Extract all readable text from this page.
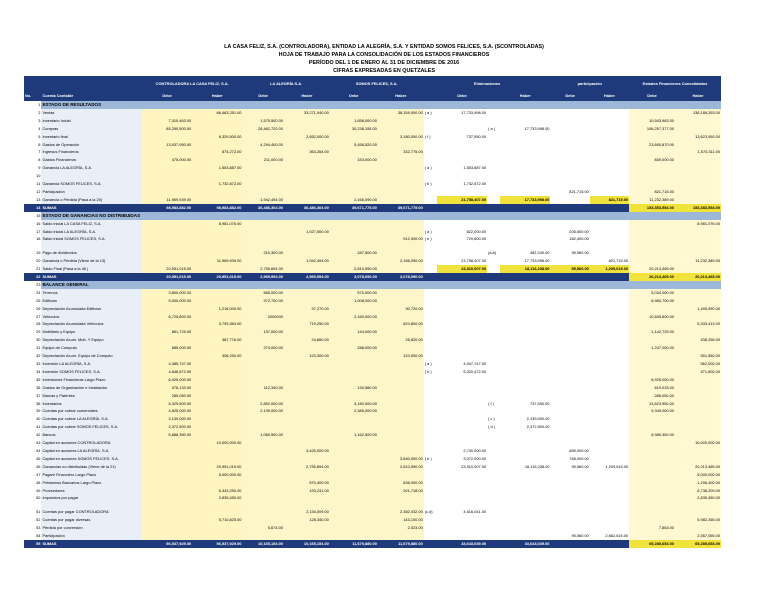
LA CASA FELIZ, S.A. (CONTROLADORA), ENTIDAD LA ALEGRÍA, S.A. Y ENTIDAD SOMOS FELICES, S.A. (SCONTROLADAS)
HOJA DE TRABAJO PARA LA CONSOLIDACIÓN DE LOS ESTADOS FINANCIEROS
PERÍODO DEL 1 DE ENERO AL 31 DE DICIEMBRE DE 2016
CIFRAS EXPRESADAS EN QUETZALES
		CONTROLADORA LA CASA FELIZ, S.A.		LA ALEGRÍA S.A.		SOMOS FELICES, S.A.		Eliminaciones				participación		Estados Financieros Consolidados	
No.	Cuenta Contable	Debe	Haber	Debe	Haber	Debe	Haber		Debe		Haber	Debe	Haber	Debe	Haber
1	ESTADO DE RESULTADOS														
2	Ventas		86,463,251.00		33,271,040.00		36,159,000.00	( a )	17,733,998.00						138,189,293.00
3	Inventario Inicial	7,310,463.00		1,575,500.00		1,658,000.00								10,543,963.00	
4	Compras	85,290,500.00		28,462,720.00		30,238,155.00				( a )	17,733,998.00			106,257,377.00	
5	Inventario final		8,329,500.00		2,652,000.00		3,180,000.00	( f )	737,550.00						13,623,950.00
6	Gastos de Operación	13,937,950.00		4,294,400.00		5,458,520.00								23,690,870.00	
7	Ingresos Financieros		874,272.00		363,264.00		332,775.00								1,570,311.00
8	Gastos Financieros	475,000.00		211,000.00		153,000.00								839,000.00	
9	Ganancia LA ALEGRÍA, S.A.		1,553,887.00					( a )	1,553,887.00						
10															
11	Ganancia SOMOS FELICES, S.A.		1,732,872.00					( b )	1,732,872.00						
12	Participación											821,715.00		821,715.00	
13	Ganancia o Pérdida (Pasa a la 20)	11,969,939.00		1,942,494.00		2,166,090.00			21,758,407.00		17,733,998.00		821,715.00	11,232,389.00	
14	SUMAS	98,983,882.00	98,983,882.00	36,486,304.00	36,486,304.00	39,671,775.00	39,671,775.00							153,353,554.00	153,383,554.00
15	ESTADO DE GANANCIAS NO DISTRIBUIDAS														
16	Saldo inicial LA CASA FELIZ, S.A.		8,981,076.00												8,981,076.00
17	Saldo inicial LA ALEGRÍA, S.A.				1,027,500.00			( a )	822,000.00			205,500.00			
18	Saldo inicial SOMOS FELICES, S.A.						912,000.00	( b )	729,600.00			182,400.00			

19	Pago de dividendos			210,300.00		287,500.00				(a,b)	382,240.00	95,560.00			
20	Ganancia o Pérdida (Viene de la 13)		11,969,939.00		1,942,494.00		2,166,090.00		21,758,407.00		17,733,998.00		821,715.00		11,232,389.00
21	Saldo Final (Pasa a la 46 )	20,951,015.00		2,759,694.00		2,810,590.00			23,310,007.00		18,116,238.00	95,560.00	1,209,615.00	20,213,465.00	
22	SUMAS	20,951,015.00	20,951,015.00	2,969,994.00	2,969,994.00	3,078,090.00	3,078,090.00							20,213,465.00	20,213,465.00
23	BALANCE GENERAL														
24	Terrenos	3,800,000.00		565,000.00		570,000.00								5,034,000.00	
25	Edificios	5,000,000.00		972,700.00		1,008,000.00								6,980,700.00	
26	Depreciación Acumulada Edificios		1,218,000.00		97,270.00		90,720.00								1,405,990.00
27	Vehículos	6,725,800.00		2000000		2,160,000.00								10,845,800.00	
28	Depreciación Acumulada Vehículos		3,793,363.00		719,250.00		820,800.00								5,333,413.00
29	Mobiliario y Equipo	861,725.00		137,000.00		144,000.00								1,142,725.00	
30	Depreciación Acum. Mob. Y Equipo		387,776.00		24,660.00		25,820.00								438,256.00
31	Equipo de Computo	685,000.00		274,000.00		288,000.00								1,247,000.00	
32	Depreciación Acum. Equipo de Computo		308,250.00		123,300.00		120,000.00								551,550.00
33	Inversión LA ALEGRÍA, S.A.	4,385,747.00						( a )	4,947,747.00						562,000.00
34	Inversión SOMOS FELICES, S.A.	4,848,872.00						( b )	5,320,472.00						471,600.00
35	Inversiones Financieras Largo Plazo	6,925,000.00												6,925,000.00	
36	Gastos de Organización e Instalación	376,133.00		112,340.00		130,560.00								619,033.00	
37	Marcas y Patentes	285,050.00												285,050.00	
38	Inventarios	8,329,500.00		2,852,000.00		3,180,000.00				( f )	737,550.00			13,623,950.00	
39	Cuentas por cobrar comerciales	4,825,000.00		2,139,000.00		2,385,000.00								9,349,000.00	
40	Cuentas por cobrar LA ALEGRÍA, S.A.	2,139,000.00								( c )	2,139,000.00				
41	Cuentas por cobrar SOMOS FELICES, S.A.	2,372,500.00								( d )	2,372,500.00				
42	Bancos	6,688,350.00		1,069,500.00		1,162,500.00								8,980,350.00	
43	Capital en acciones CONTROLADORA		10,000,000.00												10,000,000.00
44	Capital en acciones LA ALEGRÍA, S.A.				3,425,000.00				2,740,000.00			685,000.00			
45	Capital en acciones SOMOS FELICES, S.A.						3,840,000.00	( b )	3,072,000.00			768,000.00			
46	Ganancias no distribuidas (Viene de la 21)		20,951,015.00		2,759,694.00		2,810,590.00		23,310,007.00		18,116,238.00	95,560.00	1,209,615.00		20,213,465.00
47	Pagaré Financiero Largo Plazo		5,000,000.00												5,000,000.00
48	Préstamos Bancarios Largo Plazo				570,400.00		636,000.00								1,206,400.00
49	Proveedores		6,343,250.00		193,241.00		201,718.00								6,738,209.00
50	Impuestos por pagar		2,835,450.00												2,835,450.00

51	Cuentas por pagar CONTROLADORA				2,134,009.00		2,382,032.00	(c,d)	4,516,041.00						
52	Cuentas por pagar diversas		5,710,825.00		128,340.00		143,100.00								5,982,265.00
53	Pérdida por conversión			5,674.00			2,023.00							7,863.00	
54	Participación											95,560.00	2,662,615.00		2,567,055.00
55	SUMAS	56,537,929.00	56,537,929.00	10,165,154.00	10,165,154.00	11,679,880.00	11,679,880.00		33,643,039.00		33,643,039.00			65,285,653.00	65,285,653.00
